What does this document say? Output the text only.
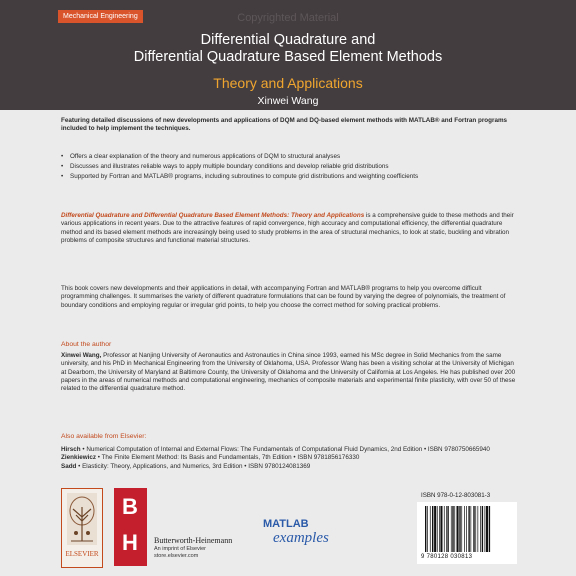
Mechanical Engineering	Copyrighted Material
Differential Quadrature and
Differential Quadrature Based Element Methods
Theory and Applications
Xinwei Wang
Featuring detailed discussions of new developments and applications of DQM and DQ-based element methods with MATLAB® and Fortran programs included to help implement the techniques.
• Offers a clear explanation of the theory and numerous applications of DQM to structural analyses
• Discusses and illustrates reliable ways to apply multiple boundary conditions and develop reliable grid distributions
• Supported by Fortran and MATLAB® programs, including subroutines to compute grid distributions and weighting coefficients
Differential Quadrature and Differential Quadrature Based Element Methods: Theory and Applications is a comprehensive guide to these methods and their various applications in recent years. Due to the attractive features of rapid convergence, high accuracy and computational efficiency, the differential quadrature method and its based element methods are increasingly being used to study problems in the area of structural mechanics, to look at static, buckling and vibration problems of composite structures and functional material structures.
This book covers new developments and their applications in detail, with accompanying Fortran and MATLAB® programs to help you overcome difficult programming challenges. It summarises the variety of different quadrature formulations that can be found by varying the degree of polynomials, the treatment of boundary conditions and employing regular or irregular grid points, to help you choose the correct method for solving practical problems.
About the author
Xinwei Wang, Professor at Nanjing University of Aeronautics and Astronautics in China since 1993, earned his MSc degree in Solid Mechanics from the same university, and his PhD in Mechanical Engineering from the University of Oklahoma, USA. Professor Wang has been a visiting scholar at the University of Michigan at Dearborn, the University of Maryland at Baltimore County, the University of Oklahoma and the University of California at Los Angeles. He has published over 200 papers in the areas of numerical methods and computational engineering, mechanics of composite materials and experimental finite plasticity, with over 50 of these related to the differential quadrature method.
Also available from Elsevier:
Hirsch • Numerical Computation of Internal and External Flows: The Fundamentals of Computational Fluid Dynamics, 2nd Edition • ISBN 9780750665940
Zienkiewicz • The Finite Element Method: Its Basis and Fundamentals, 7th Edition • ISBN 9781856176330
Sadd • Elasticity: Theory, Applications, and Numerics, 3rd Edition • ISBN 9780124081369
ELSEVIER
B
H Butterworth-Heinemann
An imprint of Elsevier
store.elsevier.com
MATLAB
examples
ISBN 978-0-12-803081-3
9 780128 030813
